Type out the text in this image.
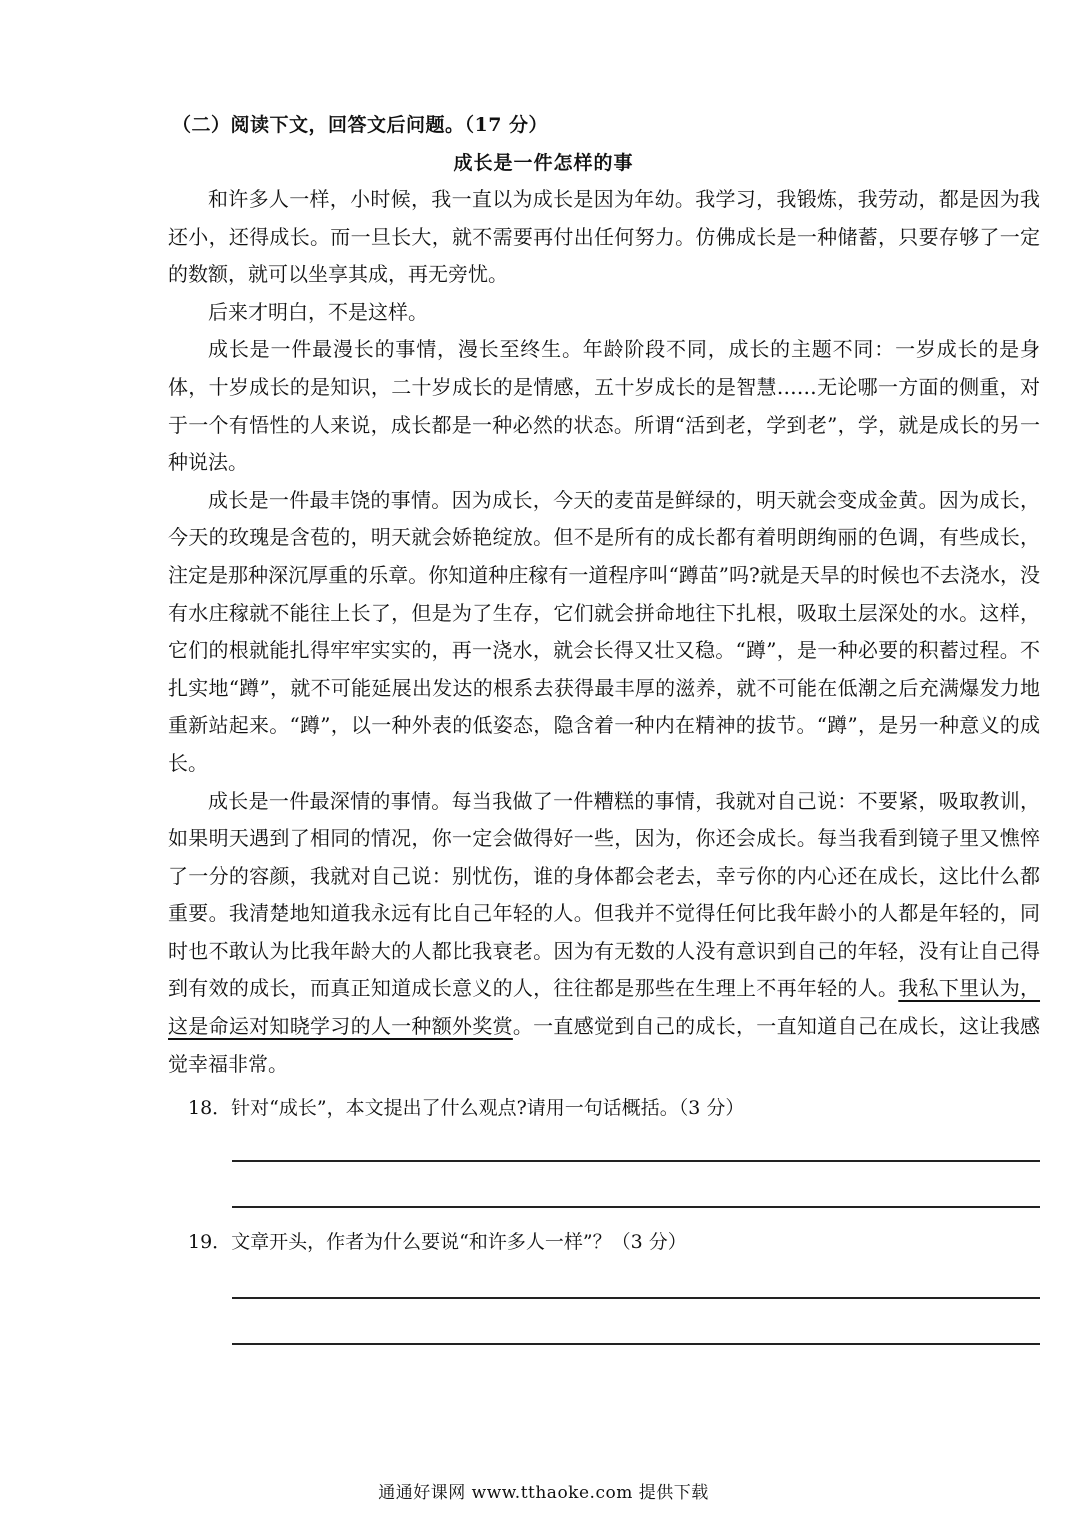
（二）阅读下文，回答文后问题。（17 分）
成长是一件怎样的事

和许多人一样，小时候，我一直以为成长是因为年幼。我学习，我锻炼，我劳动，都是因为我还小，还得成长。而一旦长大，就不需要再付出任何努力。仿佛成长是一种储蓄，只要存够了一定的数额，就可以坐享其成，再无旁忧。

后来才明白，不是这样。

成长是一件最漫长的事情，漫长至终生。年龄阶段不同，成长的主题不同：一岁成长的是身体，十岁成长的是知识，二十岁成长的是情感，五十岁成长的是智慧……无论哪一方面的侧重，对于一个有悟性的人来说，成长都是一种必然的状态。所谓“活到老，学到老”，学，就是成长的另一种说法。

成长是一件最丰饶的事情。因为成长，今天的麦苗是鲜绿的，明天就会变成金黄。因为成长，今天的玫瑰是含苞的，明天就会娇艳绽放。但不是所有的成长都有着明朗绚丽的色调，有些成长，注定是那种深沉厚重的乐章。你知道种庄稼有一道程序叫“蹲苗”吗?就是天旱的时候也不去浇水，没有水庄稼就不能往上长了，但是为了生存，它们就会拼命地往下扎根，吸取土层深处的水。这样，它们的根就能扎得牢牢实实的，再一浇水，就会长得又壮又稳。“蹲”，是一种必要的积蓄过程。不扎实地“蹲”，就不可能延展出发达的根系去获得最丰厚的滋养，就不可能在低潮之后充满爆发力地重新站起来。“蹲”，以一种外表的低姿态，隐含着一种内在精神的拔节。“蹲”，是另一种意义的成长。

成长是一件最深情的事情。每当我做了一件糟糕的事情，我就对自己说：不要紧，吸取教训，如果明天遇到了相同的情况，你一定会做得好一些，因为，你还会成长。每当我看到镜子里又憔悴了一分的容颜，我就对自己说：别忧伤，谁的身体都会老去，幸亏你的内心还在成长，这比什么都重要。我清楚地知道我永远有比自己年轻的人。但我并不觉得任何比我年龄小的人都是年轻的，同时也不敢认为比我年龄大的人都比我衰老。因为有无数的人没有意识到自己的年轻，没有让自己得到有效的成长，而真正知道成长意义的人，往往都是那些在生理上不再年轻的人。我私下里认为，这是命运对知晓学习的人一种额外奖赏。一直感觉到自己的成长，一直知道自己在成长，这让我感觉幸福非常。

18．针对“成长”，本文提出了什么观点?请用一句话概括。（3 分）
19．文章开头，作者为什么要说“和许多人一样”？（3 分）
通通好课网 www.tthaoke.com 提供下载
